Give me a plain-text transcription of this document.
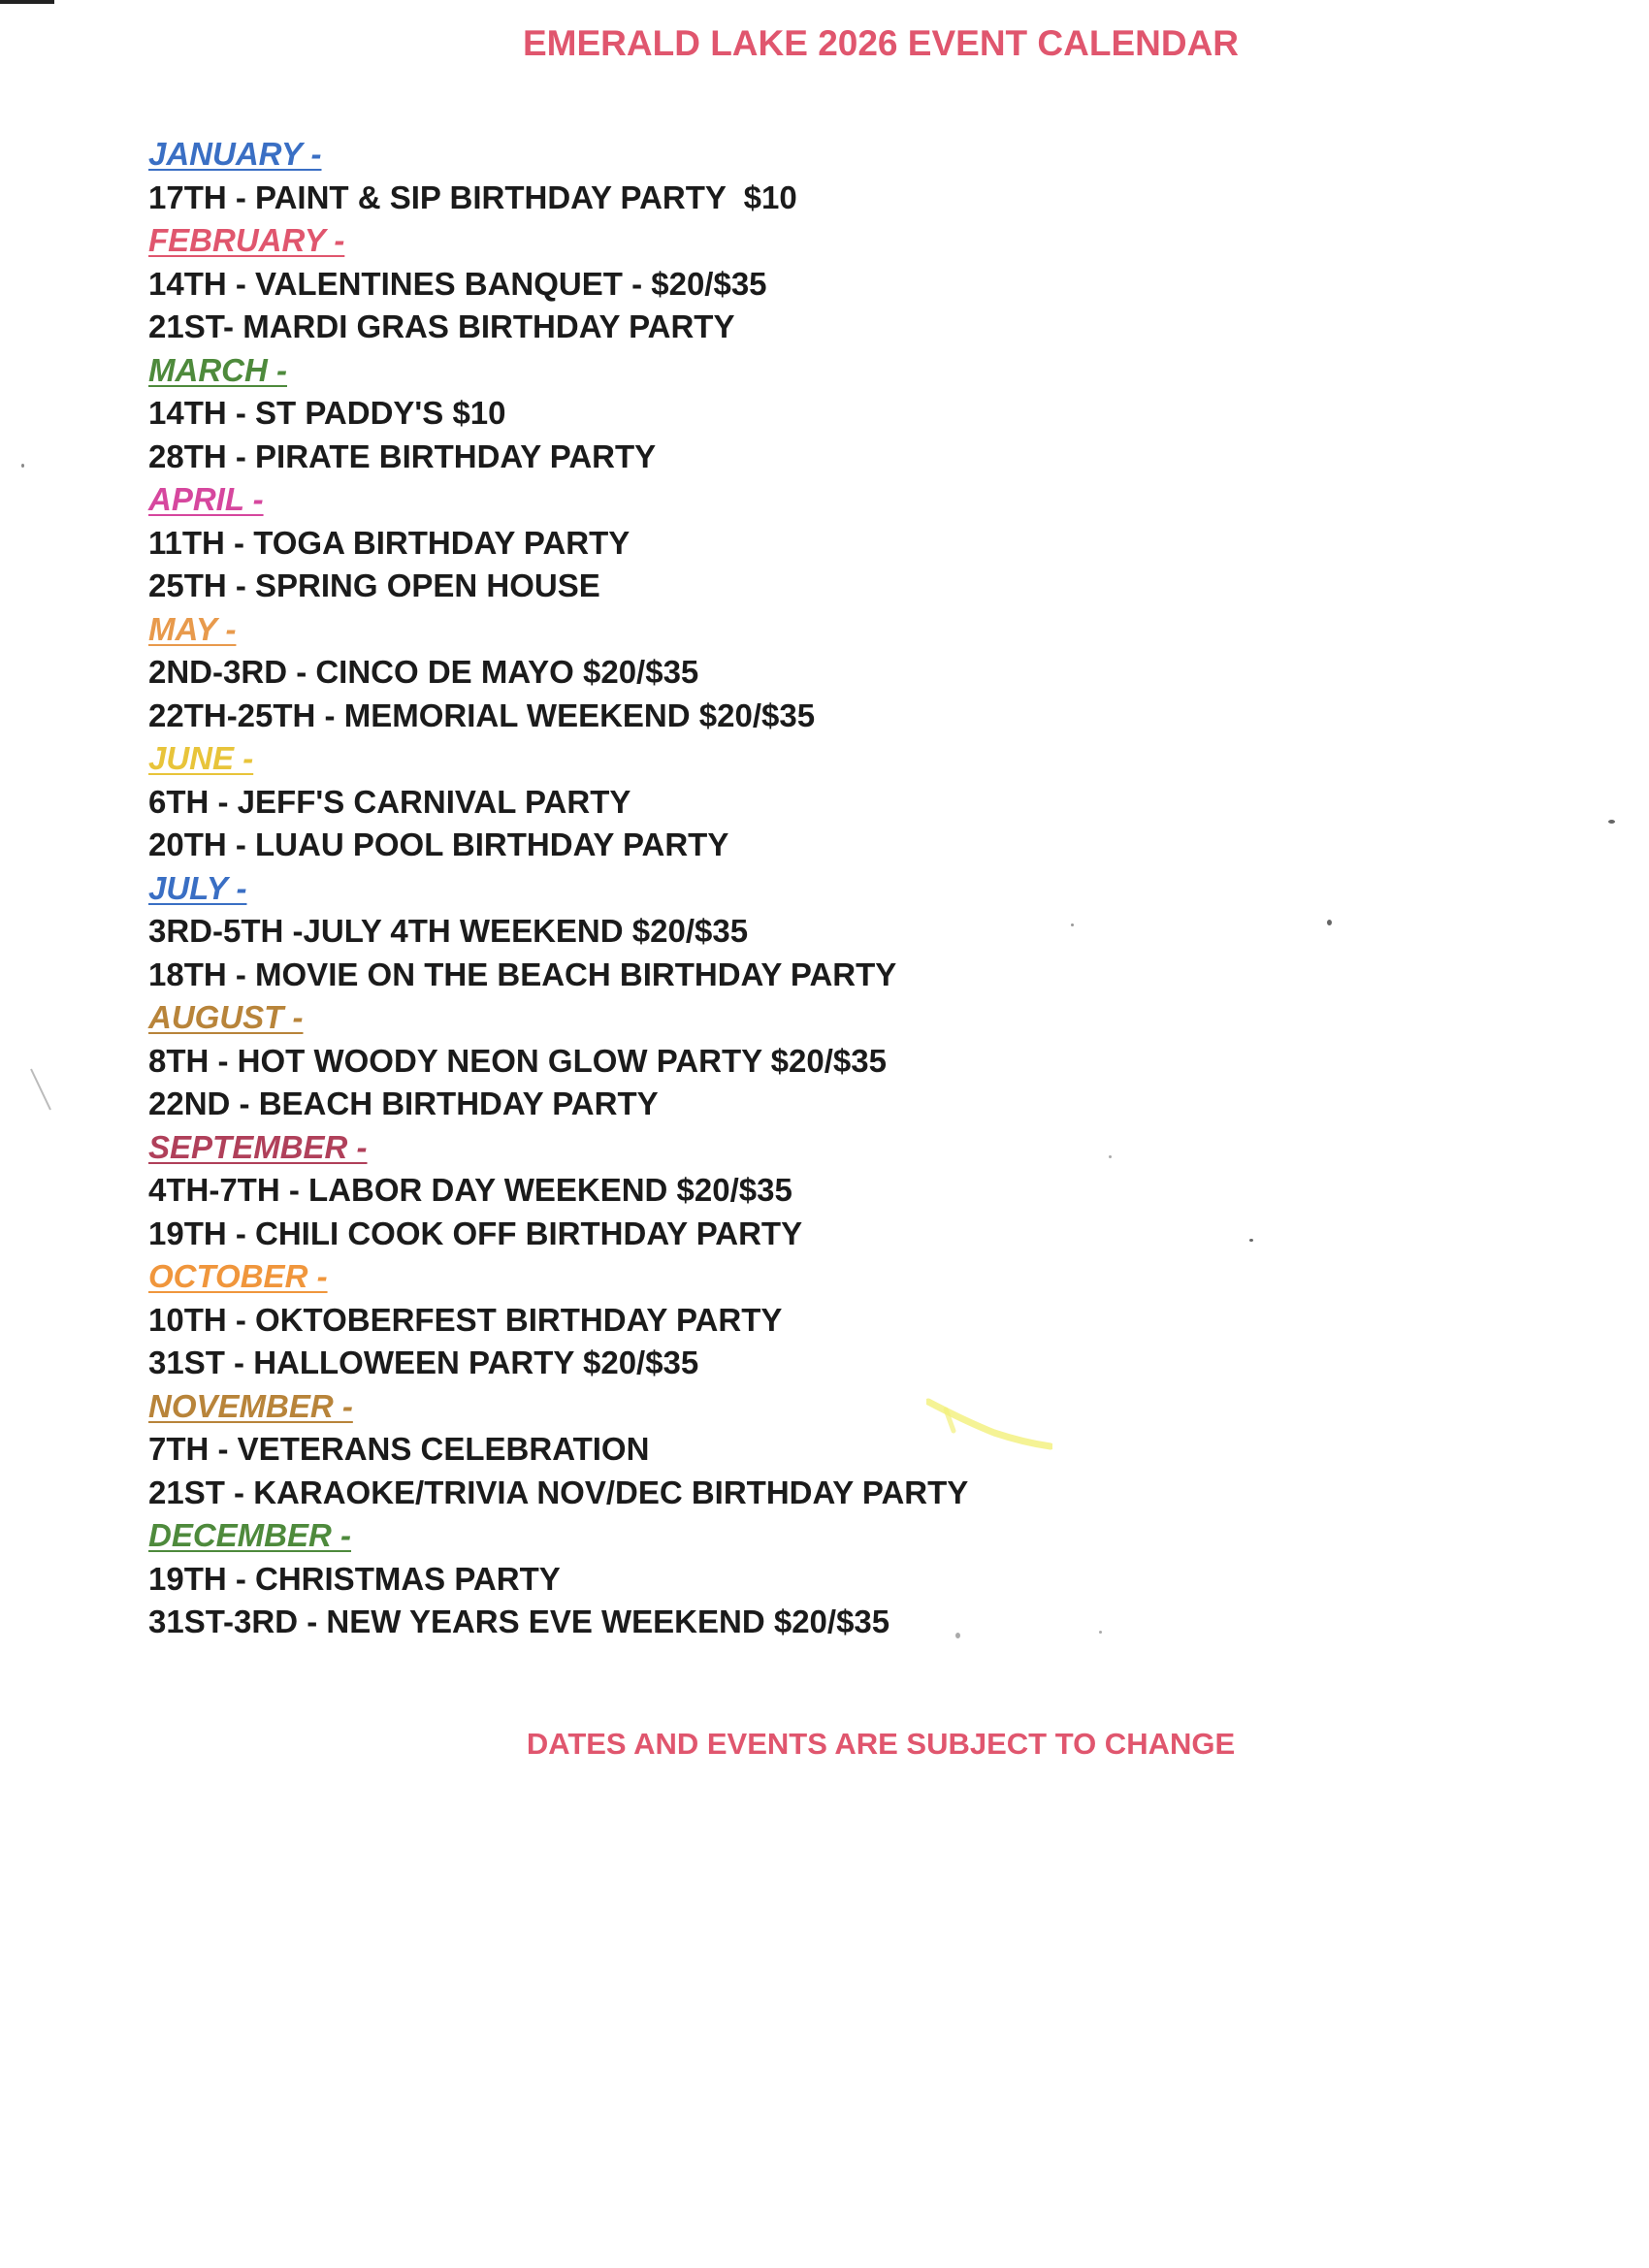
EMERALD LAKE 2026 EVENT CALENDAR
JANUARY -
17TH - PAINT & SIP BIRTHDAY PARTY  $10
FEBRUARY -
14TH - VALENTINES BANQUET - $20/$35
21ST- MARDI GRAS BIRTHDAY PARTY
MARCH -
14TH - ST PADDY'S $10
28TH - PIRATE BIRTHDAY PARTY
APRIL -
11TH - TOGA BIRTHDAY PARTY
25TH - SPRING OPEN HOUSE
MAY -
2ND-3RD - CINCO DE MAYO $20/$35
22TH-25TH - MEMORIAL WEEKEND $20/$35
JUNE -
6TH - JEFF'S CARNIVAL PARTY
20TH - LUAU POOL BIRTHDAY PARTY
JULY -
3RD-5TH -JULY 4TH WEEKEND $20/$35
18TH - MOVIE ON THE BEACH BIRTHDAY PARTY
AUGUST -
8TH - HOT WOODY NEON GLOW PARTY $20/$35
22ND - BEACH BIRTHDAY PARTY
SEPTEMBER -
4TH-7TH - LABOR DAY WEEKEND $20/$35
19TH - CHILI COOK OFF BIRTHDAY PARTY
OCTOBER -
10TH - OKTOBERFEST BIRTHDAY PARTY
31ST - HALLOWEEN PARTY $20/$35
NOVEMBER -
7TH - VETERANS CELEBRATION
21ST - KARAOKE/TRIVIA NOV/DEC BIRTHDAY PARTY
DECEMBER -
19TH - CHRISTMAS PARTY
31ST-3RD - NEW YEARS EVE WEEKEND $20/$35

DATES AND EVENTS ARE SUBJECT TO CHANGE
